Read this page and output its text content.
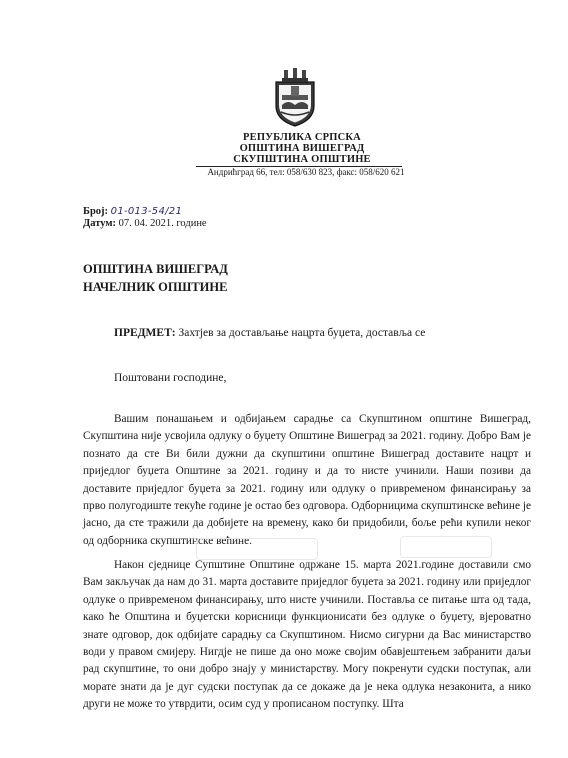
РЕПУБЛИКА СРПСКА
ОПШТИНА ВИШЕГРАД
СКУПШТИНА ОПШТИНЕ
Андрићград 66, тел: 058/630 823, факс: 058/620 621
Број: 01-013-54/21
Датум: 07. 04. 2021. године
ОПШТИНА ВИШЕГРАД
НАЧЕЛНИК ОПШТИНЕ
ПРЕДМЕТ: Захтјев за достављање нацрта буџета, доставља се
Поштовани господине,
Вашим понашањем и одбијањем сарадње са Скупштином општине Вишеград, Скупштина није усвојила одлуку о буџету Општине Вишеград за 2021. годину. Добро Вам је познато да сте Ви били дужни да скупштини општине Вишеград доставите нацрт и приједлог буџета Општине за 2021. годину и да то нисте учинили. Наши позиви да доставите приједлог буџета за 2021. годину или одлуку о привременом финансирању за прво полугодиште текуће године је остао без одговора. Одборницима скупштинске већине је јасно, да сте тражили да добијете на времену, како би придобили, боље рећи купили неког од одборника скупштинске већине.
Након сједнице Супштине Општине одржане 15. марта 2021.године доставили смо Вам закључак да нам до 31. марта доставите приједлог буџета за 2021. годину или приједлог одлуке о привременом финансирању, што нисте учинили. Поставља се питање шта од тада, како ће Општина и буџетски корисници функционисати без одлуке о буџету, вјероватно знате одговор, док одбијате сарадњу са Скупштином. Нисмо сигурни да Вас министарство води у правом смијеру. Нигдје не пише да оно може својим обавјештењем забранити даљи рад скупштине, то они добро знају у министарству. Могу покренути судски поступак, али морате знати да је дуг судски поступак да се докаже да је нека одлука незаконита, а нико други не може то утврдити, осим суд у прописаном поступку. Шта
